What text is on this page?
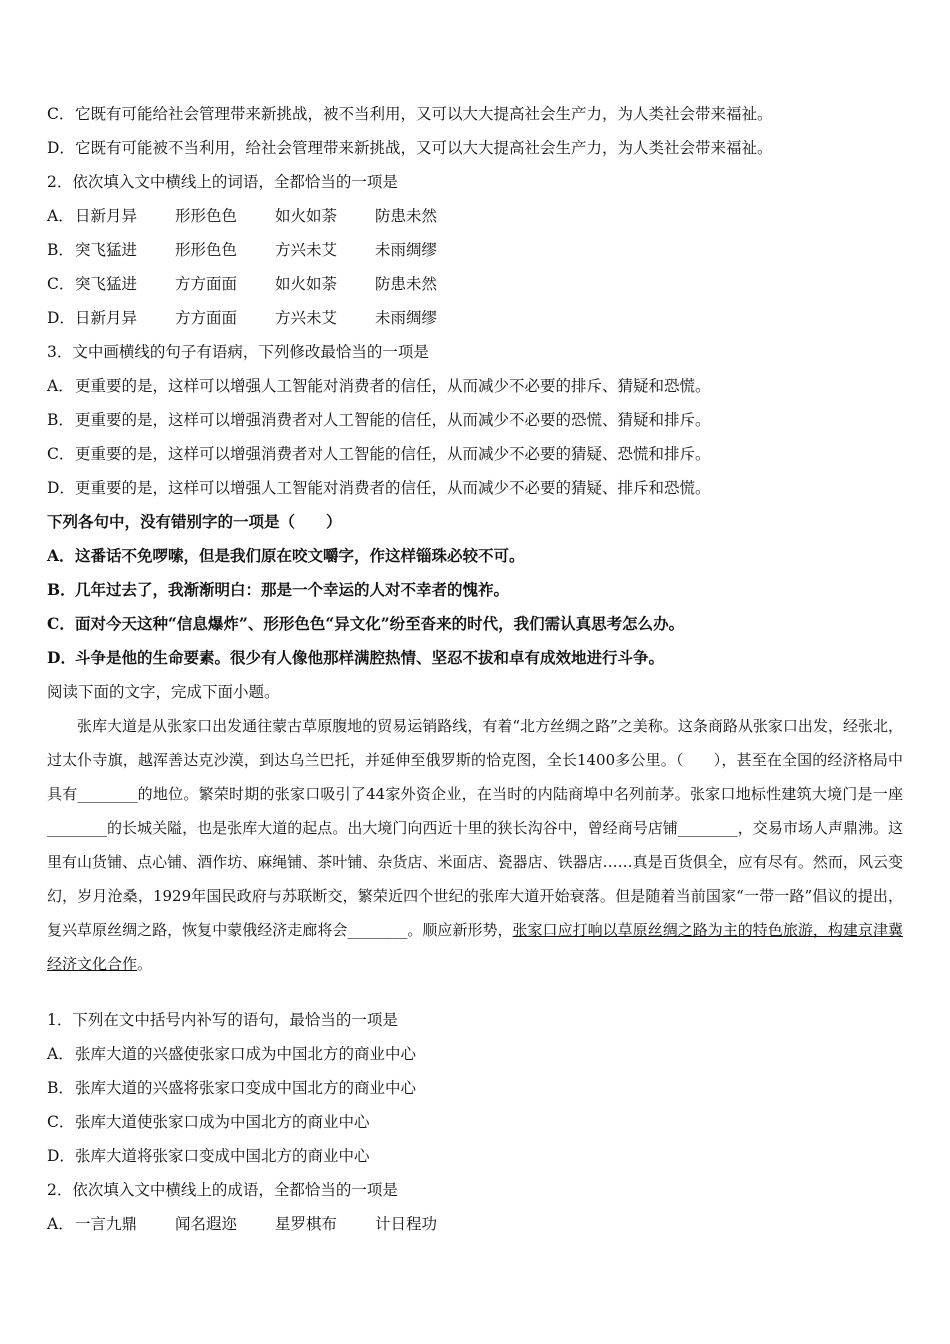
C．它既有可能给社会管理带来新挑战，被不当利用，又可以大大提高社会生产力，为人类社会带来福祉。
D．它既有可能被不当利用，给社会管理带来新挑战，又可以大大提高社会生产力，为人类社会带来福祉。
2．依次填入文中横线上的词语，全都恰当的一项是
A．日新月异 形形色色 如火如荼 防患未然
B．突飞猛进 形形色色 方兴未艾 未雨绸缪
C．突飞猛进 方方面面 如火如荼 防患未然
D．日新月异 方方面面 方兴未艾 未雨绸缪
3．文中画横线的句子有语病，下列修改最恰当的一项是
A．更重要的是，这样可以增强人工智能对消费者的信任，从而减少不必要的排斥、猜疑和恐慌。
B．更重要的是，这样可以增强消费者对人工智能的信任，从而减少不必要的恐慌、猜疑和排斥。
C．更重要的是，这样可以增强消费者对人工智能的信任，从而减少不必要的猜疑、恐慌和排斥。
D．更重要的是，这样可以增强人工智能对消费者的信任，从而减少不必要的猜疑、排斥和恐慌。
下列各句中，没有错别字的一项是（　　）
A．这番话不免啰嗦，但是我们原在咬文嚼字，作这样锱珠必较不可。
B．几年过去了，我渐渐明白：那是一个幸运的人对不幸者的愧祚。
C．面对今天这种“信息爆炸”、形形色色“异文化”纷至沓来的时代，我们需认真思考怎么办。
D．斗争是他的生命要素。很少有人像他那样满腔热情、坚忍不拔和卓有成效地进行斗争。
阅读下面的文字，完成下面小题。
张库大道是从张家口出发通往蒙古草原腹地的贸易运销路线，有着“北方丝绸之路”之美称。这条商路从张家口出发，经张北，过太仆寺旗，越浑善达克沙漠，到达乌兰巴托，并延伸至俄罗斯的恰克图，全长1400多公里。（　　），甚至在全国的经济格局中具有________的地位。繁荣时期的张家口吸引了44家外资企业，在当时的内陆商埠中名列前茅。张家口地标性建筑大境门是一座________的长城关隘，也是张库大道的起点。出大境门向西近十里的狭长沟谷中，曾经商号店铺________，交易市场人声鼎沸。这里有山货铺、点心铺、酒作坊、麻绳铺、茶叶铺、杂货店、米面店、瓷器店、铁器店……真是百货俱全，应有尽有。然而，风云变幻，岁月沧桑，1929年国民政府与苏联断交，繁荣近四个世纪的张库大道开始衰落。但是随着当前国家“一带一路”倡议的提出，复兴草原丝绸之路，恢复中蒙俄经济走廊将会________。顺应新形势，张家口应打响以草原丝绸之路为主的特色旅游，构建京津冀经济文化合作。
1．下列在文中括号内补写的语句，最恰当的一项是
A．张库大道的兴盛使张家口成为中国北方的商业中心
B．张库大道的兴盛将张家口变成中国北方的商业中心
C．张库大道使张家口成为中国北方的商业中心
D．张库大道将张家口变成中国北方的商业中心
2．依次填入文中横线上的成语，全都恰当的一项是
A．一言九鼎 闻名遐迩 星罗棋布 计日程功
